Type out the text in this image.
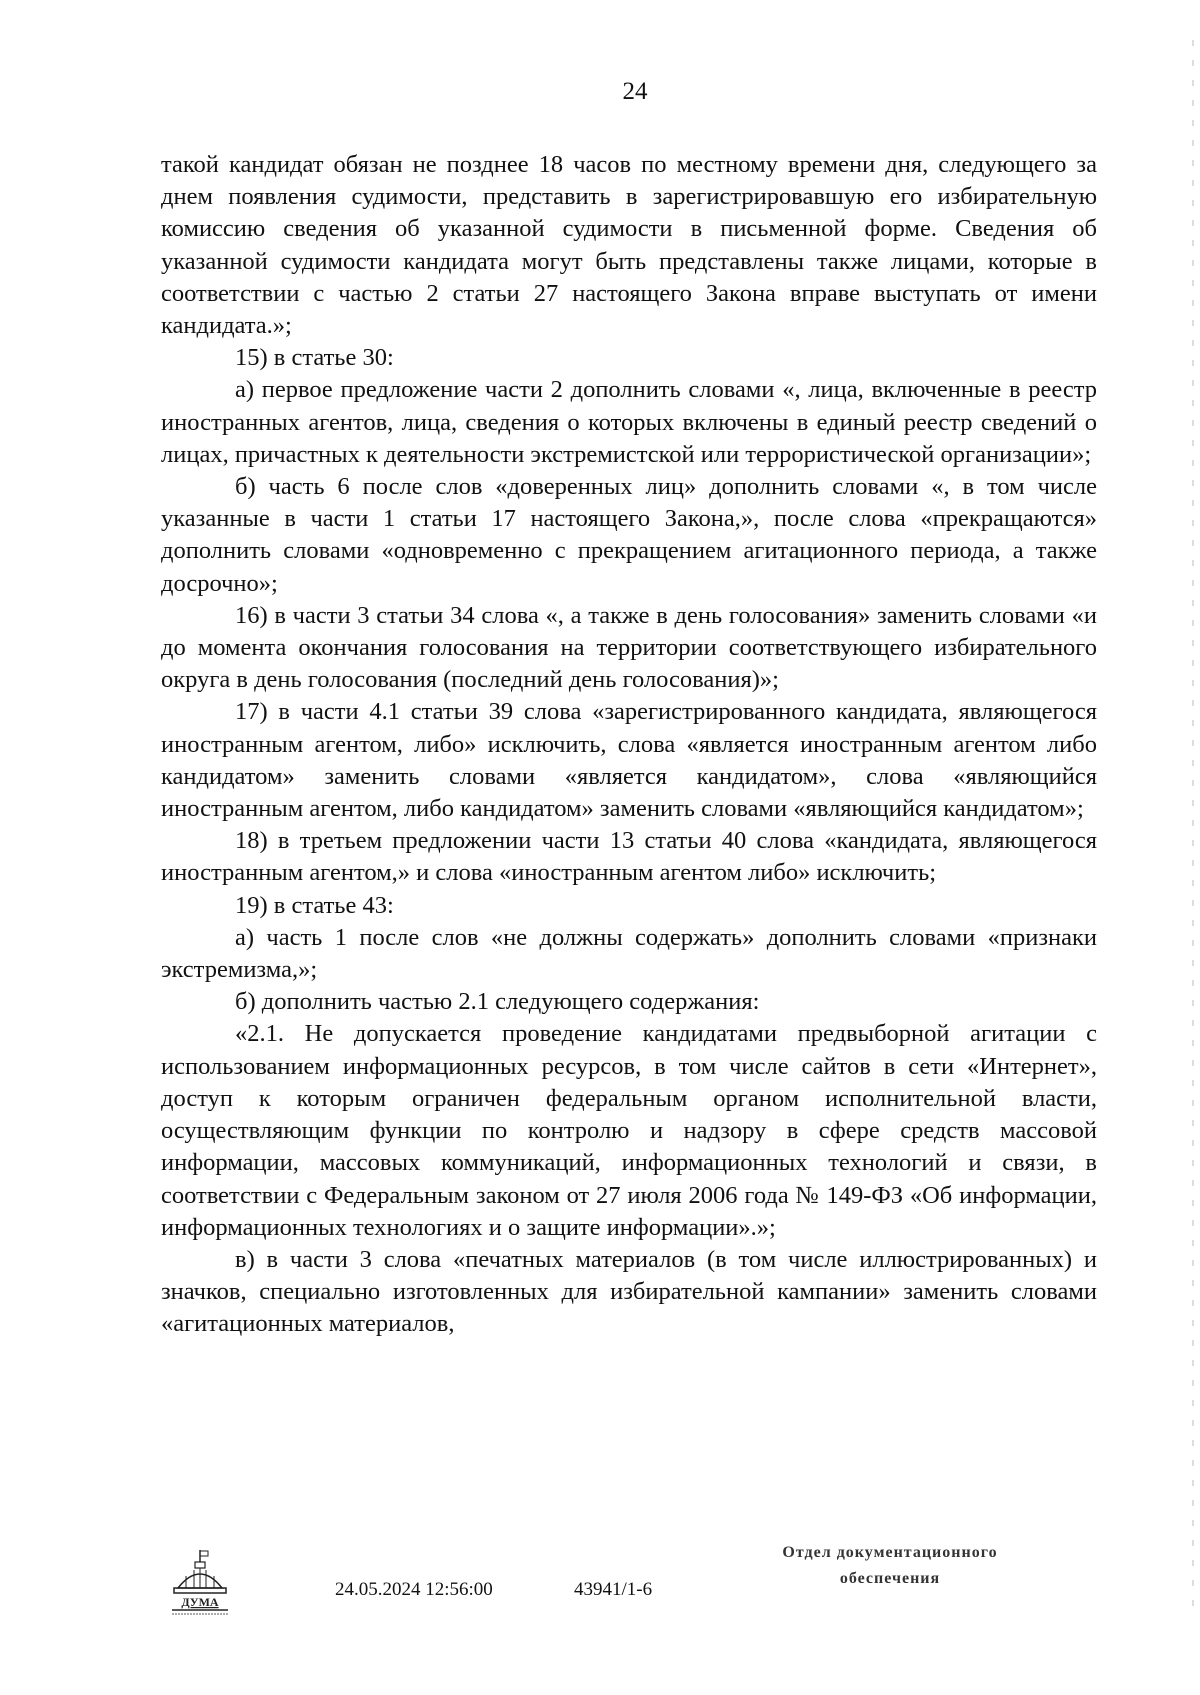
24

такой кандидат обязан не позднее 18 часов по местному времени дня, следующего за днем появления судимости, представить в зарегистрировавшую его избирательную комиссию сведения об указанной судимости в письменной форме. Сведения об указанной судимости кандидата могут быть представлены также лицами, которые в соответствии с частью 2 статьи 27 настоящего Закона вправе выступать от имени кандидата.»;

15) в статье 30:

а) первое предложение части 2 дополнить словами «, лица, включенные в реестр иностранных агентов, лица, сведения о которых включены в единый реестр сведений о лицах, причастных к деятельности экстремистской или террористической организации»;

б) часть 6 после слов «доверенных лиц» дополнить словами «, в том числе указанные в части 1 статьи 17 настоящего Закона,», после слова «прекращаются» дополнить словами «одновременно с прекращением агитационного периода, а также досрочно»;

16) в части 3 статьи 34 слова «, а также в день голосования» заменить словами «и до момента окончания голосования на территории соответствующего избирательного округа в день голосования (последний день голосования)»;

17) в части 4.1 статьи 39 слова «зарегистрированного кандидата, являющегося иностранным агентом, либо» исключить, слова «является иностранным агентом либо кандидатом» заменить словами «является кандидатом», слова «являющийся иностранным агентом, либо кандидатом» заменить словами «являющийся кандидатом»;

18) в третьем предложении части 13 статьи 40 слова «кандидата, являющегося иностранным агентом,» и слова «иностранным агентом либо» исключить;

19) в статье 43:

а) часть 1 после слов «не должны содержать» дополнить словами «признаки экстремизма,»;

б) дополнить частью 2.1 следующего содержания:

«2.1. Не допускается проведение кандидатами предвыборной агитации с использованием информационных ресурсов, в том числе сайтов в сети «Интернет», доступ к которым ограничен федеральным органом исполнительной власти, осуществляющим функции по контролю и надзору в сфере средств массовой информации, массовых коммуникаций, информационных технологий и связи, в соответствии с Федеральным законом от 27 июля 2006 года № 149-ФЗ «Об информации, информационных технологиях и о защите информации».»;

в) в части 3 слова «печатных материалов (в том числе иллюстрированных) и значков, специально изготовленных для избирательной кампании» заменить словами «агитационных материалов,

ДУМА
24.05.2024 12:56:00	43941/1-6
Отдел документационного
обеспечения
